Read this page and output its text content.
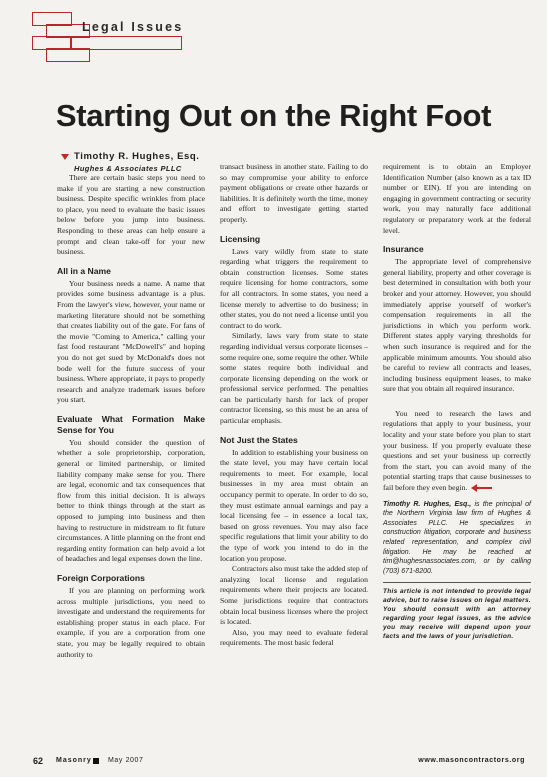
Legal Issues
Starting Out on the Right Foot
Timothy R. Hughes, Esq.
Hughes & Associates PLLC

There are certain basic steps you need to make if you are starting a new construction business. Despite specific wrinkles from place to place, you need to evaluate the basic issues below before you jump into business. Responding to these areas can help ensure a prompt and clean take-off for your new business.

All in a Name

Your business needs a name. A name that provides some business advantage is a plus. From the lawyer's view, however, your name or marketing literature should not be something that creates liability out of the gate. For fans of the movie "Coming to America," calling your fast food restaurant "McDowell's" and hoping you do not get sued by McDonald's does not bode well for the future success of your business. Where appropriate, it pays to properly research and analyze trademark issues before you start.

Evaluate What Formation Make Sense for You

You should consider the question of whether a sole proprietorship, corporation, general or limited partnership, or limited liability company make sense for you. There are legal, economic and tax consequences that flow from this initial decision. It is always better to think things through at the start as opposed to jumping into business and then having to restructure in midstream to fit future circumstances. A little planning on the front end regarding entity formation can help avoid a lot of headaches and legal expenses down the line.

Foreign Corporations

If you are planning on performing work across multiple jurisdictions, you need to investigate and understand the requirements for establishing proper status in each place. For example, if you are a corporation from one state, you may be legally required to obtain authority to

transact business in another state. Failing to do so may compromise your ability to enforce payment obligations or create other hazards or liabilities. It is definitely worth the time, money and effort to investigate getting started properly.

Licensing

Laws vary wildly from state to state regarding what triggers the requirement to obtain construction licenses. Some states require licensing for home contractors, some for all contractors. In some states, you need a license merely to advertise to do business; in other states, you do not need a license until you contract to do work.

Similarly, laws vary from state to state regarding individual versus corporate licenses – some require one, some require the other. While some states require both individual and corporate licensing depending on the work or professional service performed. The penalties can be particularly harsh for lack of proper contractor licensing, so this must be an area of particular emphasis.

Not Just the States

In addition to establishing your business on the state level, you may have certain local requirements to meet. For example, local businesses in my area must obtain an occupancy permit to operate. In order to do so, they must estimate annual earnings and pay a local licensing fee – in essence a local tax, based on gross revenues. You may also face specific regulations that limit your ability to do the type of work you intend to do in the location you propose.

Contractors also must take the added step of analyzing local license and regulation requirements where their projects are located. Some jurisdictions require that contractors obtain local business licenses where the project is located.

Also, you may need to evaluate federal requirements. The most basic federal

requirement is to obtain an Employer Identification Number (also known as a tax ID number or EIN). If you are intending on engaging in government contracting or security work, you may naturally face additional regulatory or preparatory work at the federal level.

Insurance

The appropriate level of comprehensive general liability, property and other coverage is best determined in consultation with both your broker and your attorney. However, you should immediately apprise yourself of worker's compensation requirements in all the jurisdictions in which you perform work. Different states apply varying thresholds for when such insurance is required and for the applicable minimum amounts. You should also be careful to review all contracts and leases, including business equipment leases, to make sure that you obtain all required insurance.

You need to research the laws and regulations that apply to your business, your locality and your state before you plan to start your business. If you properly evaluate these questions and set your business up correctly from the start, you can avoid many of the potential starting traps that cause businesses to fail before they even begin.

Timothy R. Hughes, Esq., is the principal of the Northern Virginia law firm of Hughes & Associates PLLC. He specializes in construction litigation, corporate and business related representation, and complex civil litigation. He may be reached at tim@hughesnassociates.com, or by calling (703) 671-8200.
This article is not intended to provide legal advice, but to raise issues on legal matters. You should consult with an attorney regarding your legal issues, as the advice you may receive will depend upon your facts and the laws of your jurisdiction.
62 Masonry May 2007	www.masoncontractors.org
